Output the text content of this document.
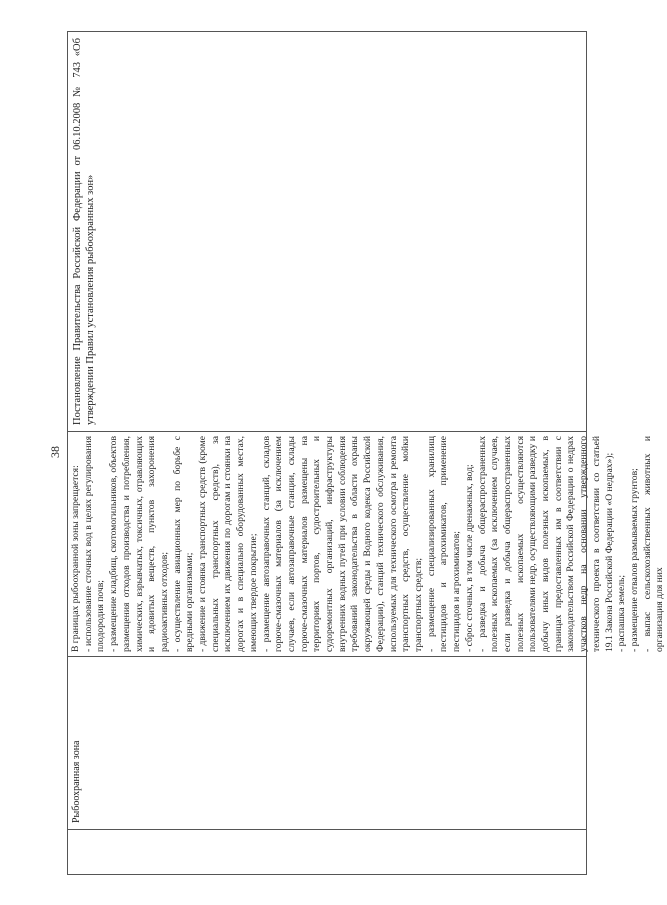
38
Рыбоохранная зона

В границах рыбоохранной зоны запрещается: - использование сточных вод в целях регулирования плодородия почв; - размещение кладбищ, скотомогильников, объектов размещения отходов производства и потребления, химических, взрывчатых, токсичных, отравляющих и ядовитых веществ, пунктов захоронения радиоактивных отходов; - осуществление авиационных мер по борьбе с вредными организмами; - движение и стоянка транспортных средств (кроме специальных транспортных средств), за исключением их движения по дорогам и стоянки на дорогах и в специально оборудованных местах, имеющих твердое покрытие; - размещение автозаправочных станций, складов горюче-смазочных материалов (за исключением случаев, если автозаправочные станции, склады горюче-смазочных материалов размещены на территориях портов, судостроительных и судоремонтных организаций, инфраструктуры внутренних водных путей при условии соблюдения требований законодательства в области охраны окружающей среды и Водного кодекса Российской Федерации), станций технического обслуживания, используемых для технического осмотра и ремонта транспортных средств, осуществление мойки транспортных средств; - размещение специализированных хранилищ пестицидов и агрохимикатов, применение пестицидов и агрохимикатов; - сброс сточных, в том числе дренажных, вод; - разведка и добыча общераспространенных полезных ископаемых (за исключением случаев, если разведка и добыча общераспространенных полезных ископаемых осуществляются пользователями недр, осуществляющими разведку и добычу иных видов полезных ископаемых, в границах предоставленных им в соответствии с законодательством Российской Федерации о недрах участков недр на основании утвержденного технического проекта в соответствии со статьей 19.1 Закона Российской Федерации «О недрах»); - распашка земель; - размещение отвалов размываемых грунтов; - выпас сельскохозяйственных животных и организация для них

Постановление Правительства Российской Федерации от 06.10.2008 № 743 «Об утверждении Правил установления рыбоохранных зон»
